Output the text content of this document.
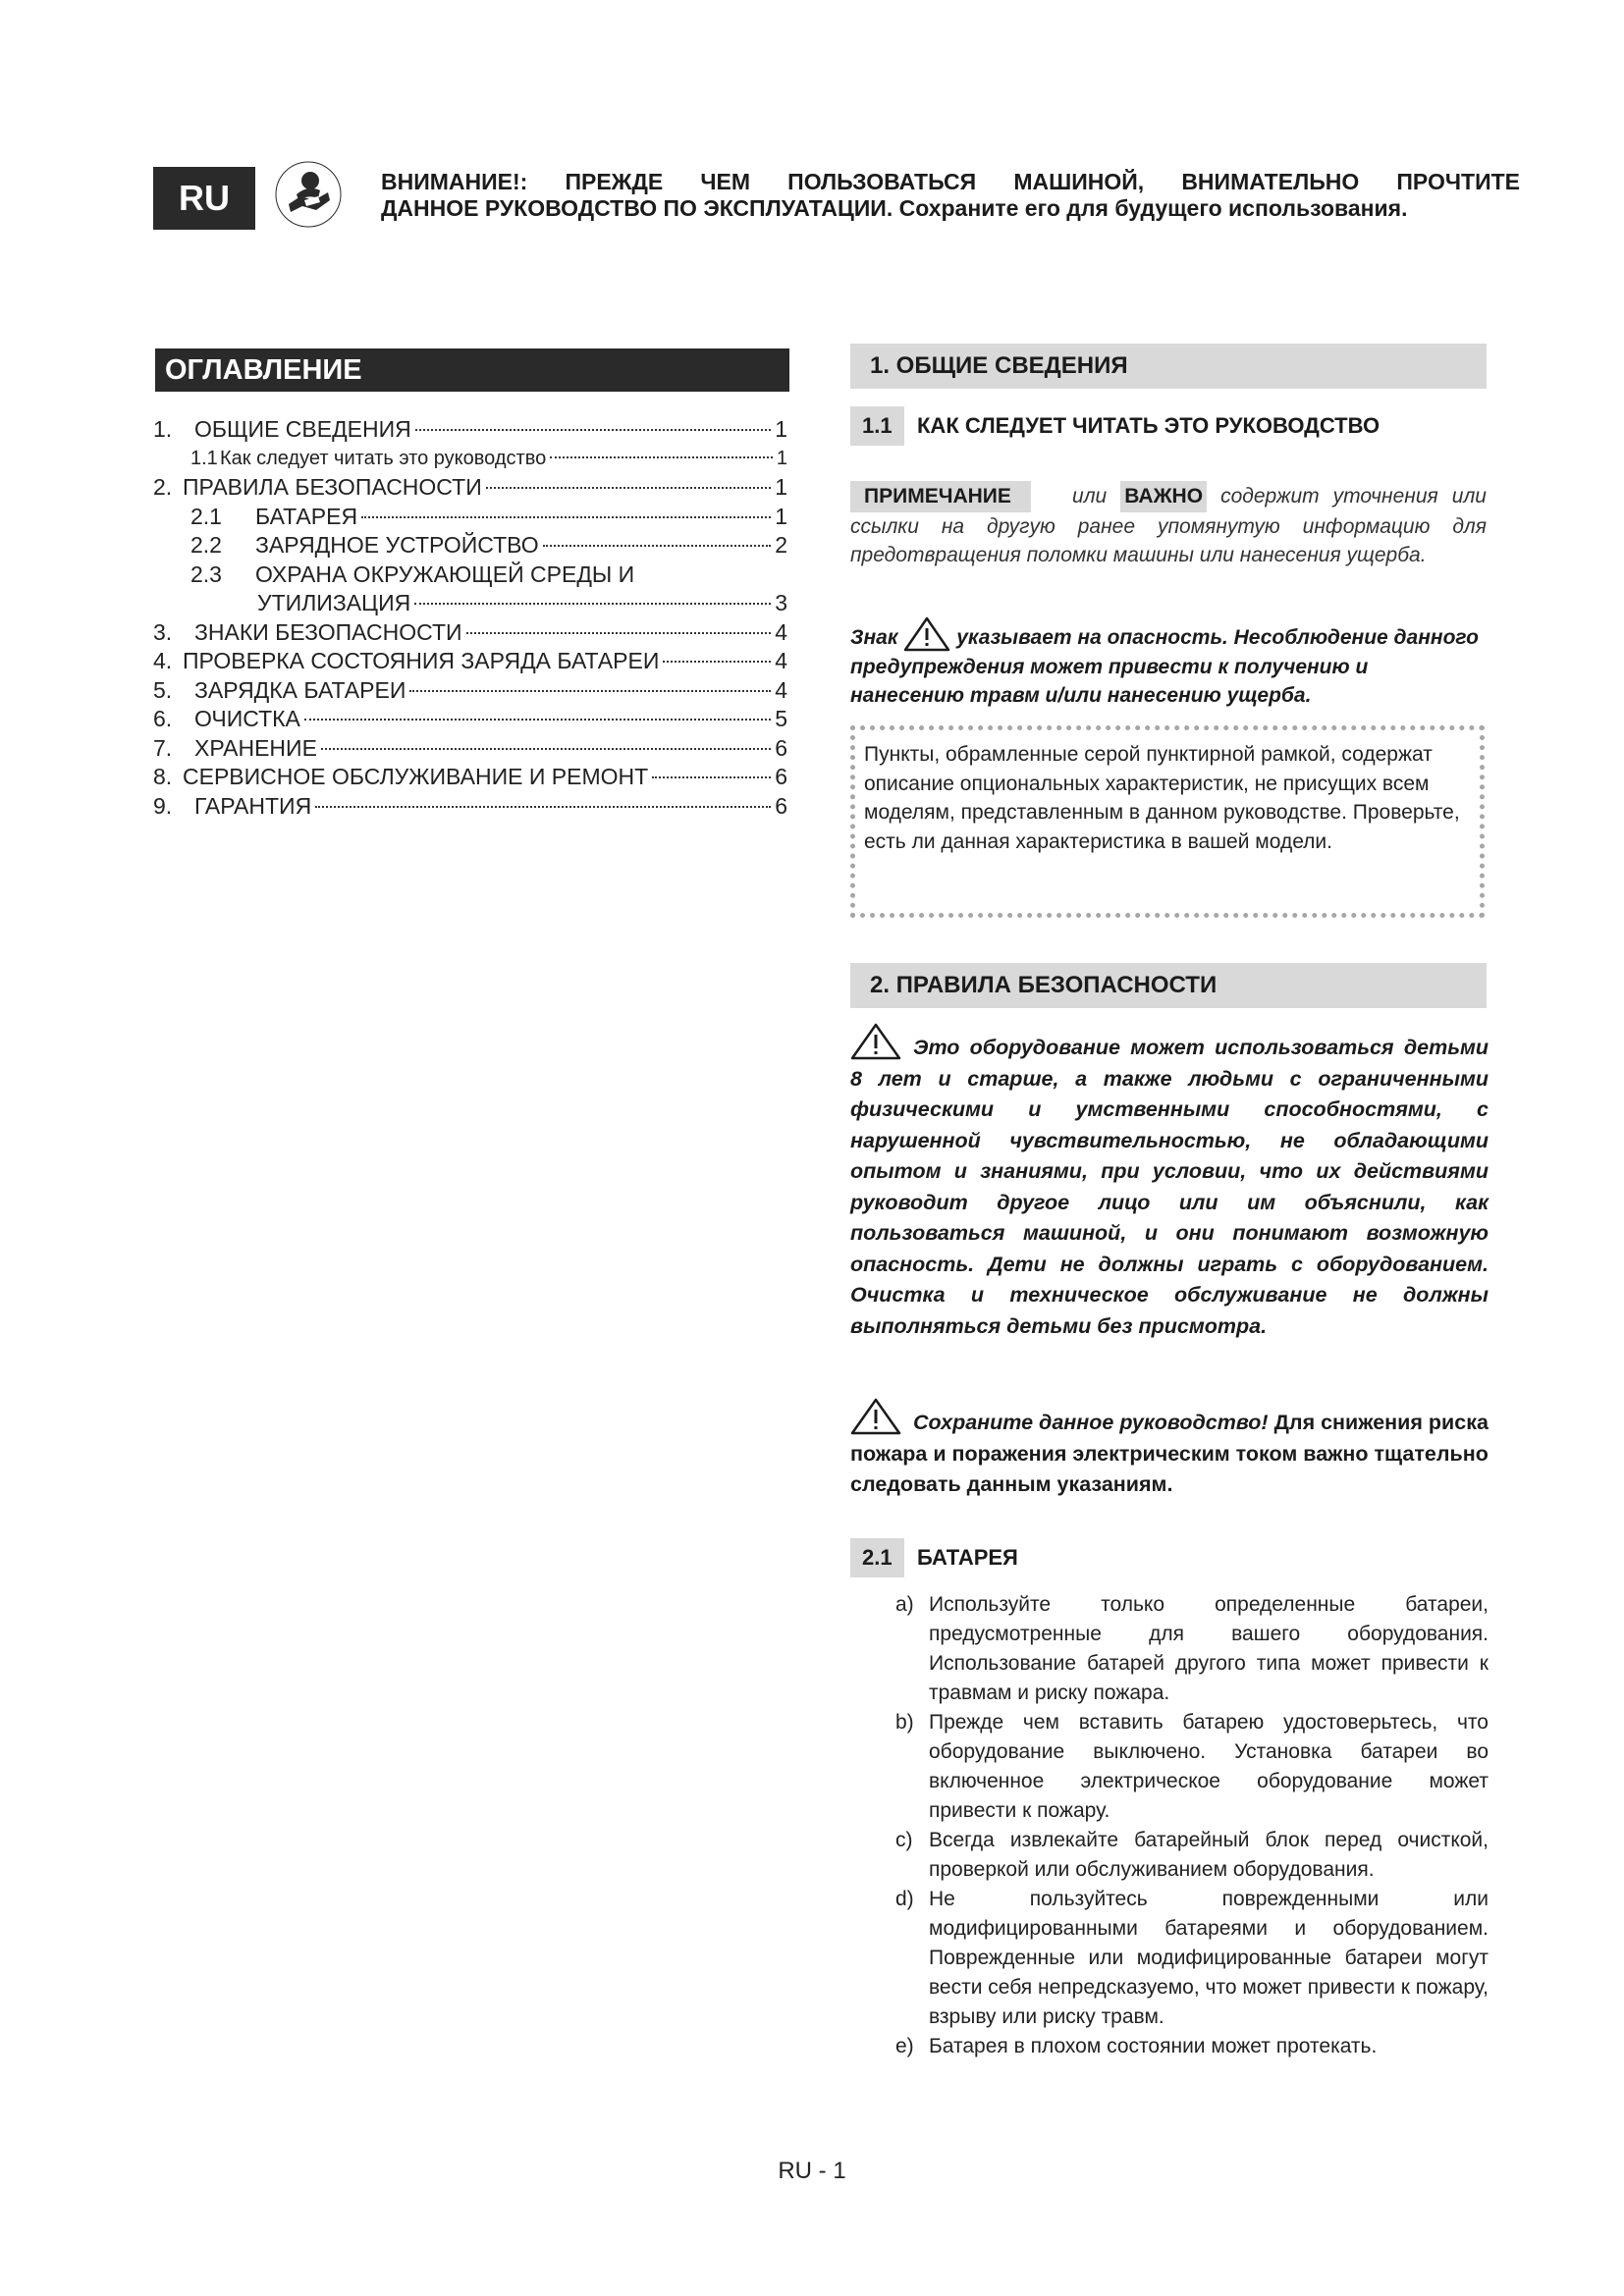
RU	ВНИМАНИЕ!: ПРЕЖДЕ ЧЕМ ПОЛЬЗОВАТЬСЯ МАШИНОЙ, ВНИМАТЕЛЬНО ПРОЧТИТЕ
ДАННОЕ РУКОВОДСТВО ПО ЭКСПЛУАТАЦИИ. Сохраните его для будущего использования.
ОГЛАВЛЕНИЕ
1. ОБЩИЕ СВЕДЕНИЯ	1
1.1 Как следует читать это руководство	1
2. ПРАВИЛА БЕЗОПАСНОСТИ	1
2.1	БАТАРЕЯ	1
2.2	ЗАРЯДНОЕ УСТРОЙСТВО	2
2.3	ОХРАНА ОКРУЖАЮЩЕЙ СРЕДЫ И
УТИЛИЗАЦИЯ	3
3. ЗНАКИ БЕЗОПАСНОСТИ	4
4. ПРОВЕРКА СОСТОЯНИЯ ЗАРЯДА БАТАРЕИ	4
5. ЗАРЯДКА БАТАРЕИ	4
6. ОЧИСТКА	5
7. ХРАНЕНИЕ	6
8. СЕРВИСНОЕ ОБСЛУЖИВАНИЕ И РЕМОНТ	6
9. ГАРАНТИЯ	6
1. ОБЩИЕ СВЕДЕНИЯ
1.1	КАК СЛЕДУЕТ ЧИТАТЬ ЭТО РУКОВОДСТВО
ПРИМЕЧАНИЕ	или ВАЖНО содержит уточнения или ссылки на другую ранее упомянутую информацию для предотвращения поломки машины или нанесения ущерба.
Знак	указывает на опасность. Несоблюдение данного предупреждения может привести к получению и нанесению травм и/или нанесению ущерба.
Пункты, обрамленные серой пунктирной рамкой, содержат описание опциональных характеристик, не присущих всем моделям, представленным в данном руководстве. Проверьте, есть ли данная характеристика в вашей модели.
2. ПРАВИЛА БЕЗОПАСНОСТИ
Это оборудование может использоваться детьми 8 лет и старше, а также людьми с ограниченными физическими и умственными способностями, с нарушенной чувствительностью, не обладающими опытом и знаниями, при условии, что их действиями руководит другое лицо или им объяснили, как пользоваться машиной, и они понимают возможную опасность. Дети не должны играть с оборудованием. Очистка и техническое обслуживание не должны выполняться детьми без присмотра.
Сохраните данное руководство! Для снижения риска пожара и поражения электрическим током важно тщательно следовать данным указаниям.
2.1	БАТАРЕЯ
a) Используйте только определенные батареи, предусмотренные для вашего оборудования. Использование батарей другого типа может привести к травмам и риску пожара.
b) Прежде чем вставить батарею удостоверьтесь, что оборудование выключено. Установка батареи во включенное электрическое оборудование может привести к пожару.
c) Всегда извлекайте батарейный блок перед очисткой, проверкой или обслуживанием оборудования.
d) Не пользуйтесь поврежденными или модифицированными батареями и оборудованием. Поврежденные или модифицированные батареи могут вести себя непредсказуемо, что может привести к пожару, взрыву или риску травм.
e) Батарея в плохом состоянии может протекать.
RU - 1
